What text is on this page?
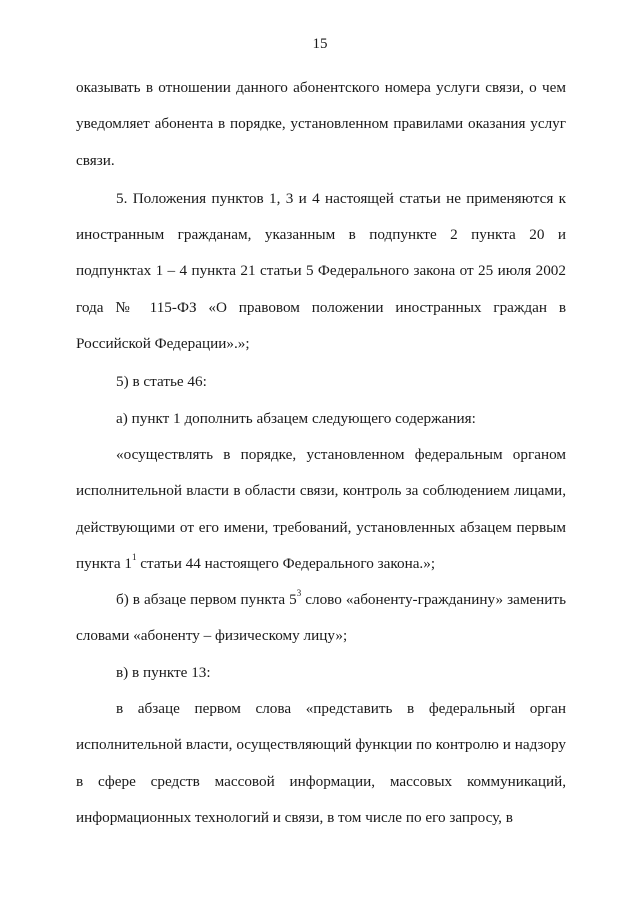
15

оказывать в отношении данного абонентского номера услуги связи, о чем уведомляет абонента в порядке, установленном правилами оказания услуг связи.

5. Положения пунктов 1, 3 и 4 настоящей статьи не применяются к иностранным гражданам, указанным в подпункте 2 пункта 20 и подпунктах 1 – 4 пункта 21 статьи 5 Федерального закона от 25 июля 2002 года № 115-ФЗ «О правовом положении иностранных граждан в Российской Федерации».»;

5) в статье 46:

а) пункт 1 дополнить абзацем следующего содержания:

«осуществлять в порядке, установленном федеральным органом исполнительной власти в области связи, контроль за соблюдением лицами, действующими от его имени, требований, установленных абзацем первым пункта $1^1$ статьи 44 настоящего Федерального закона.»;

б) в абзаце первом пункта $5^3$ слово «абоненту-гражданину» заменить словами «абоненту – физическому лицу»;

в) в пункте 13:

в абзаце первом слова «представить в федеральный орган исполнительной власти, осуществляющий функции по контролю и надзору в сфере средств массовой информации, массовых коммуникаций, информационных технологий и связи, в том числе по его запросу, в
